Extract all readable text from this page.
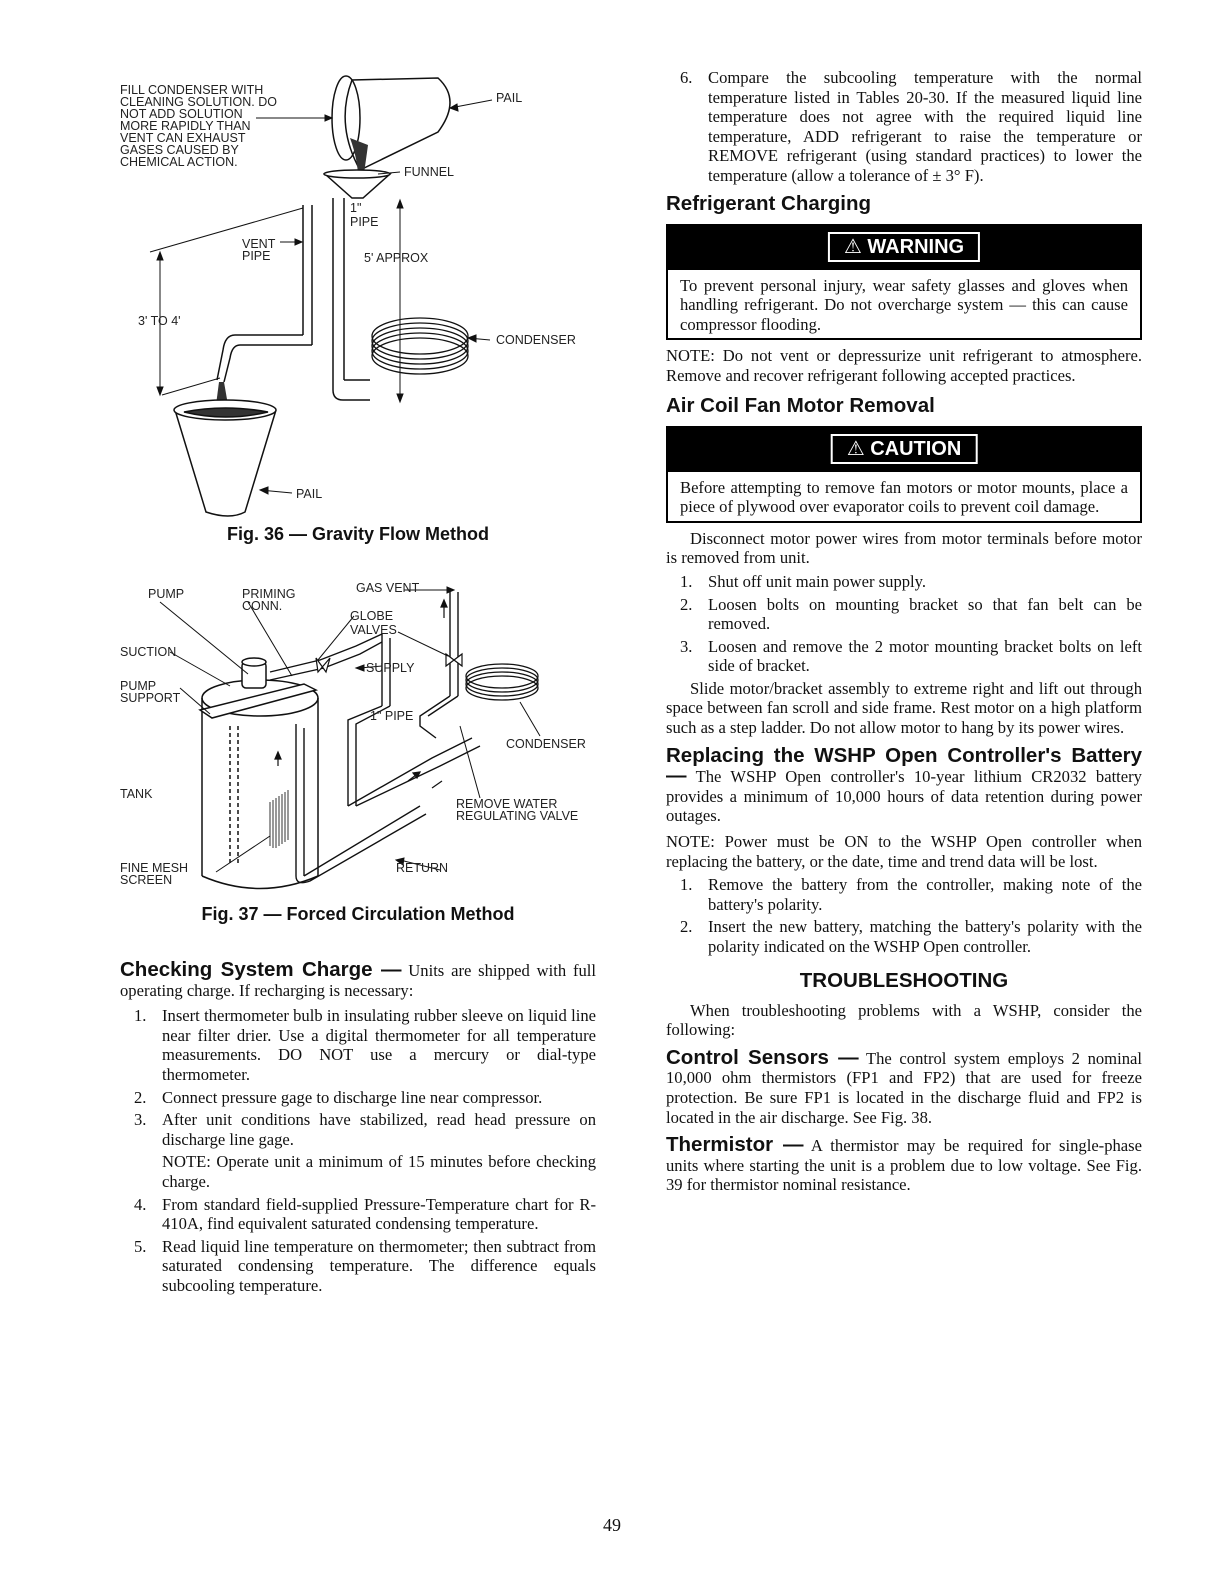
FILL CONDENSER WITH
CLEANING SOLUTION. DO
NOT ADD SOLUTION
MORE RAPIDLY THAN
VENT CAN EXHAUST
GASES CAUSED BY
CHEMICAL ACTION.
PAIL
FUNNEL
1"
PIPE
VENT
PIPE	5' APPROX
3' TO 4'
CONDENSER
PAIL
Fig. 36 — Gravity Flow Method
PUMP	PRIMING
CONN.
GAS VENT
GLOBE
VALVES
SUCTION
SUPPLY
PUMP
SUPPORT
1" PIPE
CONDENSER
TANK
REMOVE WATER
REGULATING VALVE
FINE MESH
SCREEN
RETURN
Fig. 37 — Forced Circulation Method

Checking System Charge — Units are shipped with full operating charge. If recharging is necessary:

1. Insert thermometer bulb in insulating rubber sleeve on liquid line near filter drier. Use a digital thermometer for all temperature measurements. DO NOT use a mercury or dial-type thermometer.
2. Connect pressure gage to discharge line near compressor.
3. After unit conditions have stabilized, read head pressure on discharge line gage.

NOTE: Operate unit a minimum of 15 minutes before checking charge.

4. From standard field-supplied Pressure-Temperature chart for R-410A, find equivalent saturated condensing temperature.
5. Read liquid line temperature on thermometer; then subtract from saturated condensing temperature. The difference equals subcooling temperature.
6. Compare the subcooling temperature with the normal temperature listed in Tables 20-30. If the measured liquid line temperature does not agree with the required liquid line temperature, ADD refrigerant to raise the temperature or REMOVE refrigerant (using standard practices) to lower the temperature (allow a tolerance of ± 3° F).
Refrigerant Charging
⚠ WARNING
To prevent personal injury, wear safety glasses and gloves when handling refrigerant. Do not overcharge system — this can cause compressor flooding.

NOTE: Do not vent or depressurize unit refrigerant to atmosphere. Remove and recover refrigerant following accepted practices.

Air Coil Fan Motor Removal
⚠ CAUTION
Before attempting to remove fan motors or motor mounts, place a piece of plywood over evaporator coils to prevent coil damage.

Disconnect motor power wires from motor terminals before motor is removed from unit.

1. Shut off unit main power supply.
2. Loosen bolts on mounting bracket so that fan belt can be removed.
3. Loosen and remove the 2 motor mounting bracket bolts on left side of bracket.

Slide motor/bracket assembly to extreme right and lift out through space between fan scroll and side frame. Rest motor on a high platform such as a step ladder. Do not allow motor to hang by its power wires.

Replacing the WSHP Open Controller's Battery — The WSHP Open controller's 10-year lithium CR2032 battery provides a minimum of 10,000 hours of data retention during power outages.

NOTE: Power must be ON to the WSHP Open controller when replacing the battery, or the date, time and trend data will be lost.

1. Remove the battery from the controller, making note of the battery's polarity.
2. Insert the new battery, matching the battery's polarity with the polarity indicated on the WSHP Open controller.
TROUBLESHOOTING

When troubleshooting problems with a WSHP, consider the following:

Control Sensors — The control system employs 2 nominal 10,000 ohm thermistors (FP1 and FP2) that are used for freeze protection. Be sure FP1 is located in the discharge fluid and FP2 is located in the air discharge. See Fig. 38.

Thermistor — A thermistor may be required for single-phase units where starting the unit is a problem due to low voltage. See Fig. 39 for thermistor nominal resistance.

49
